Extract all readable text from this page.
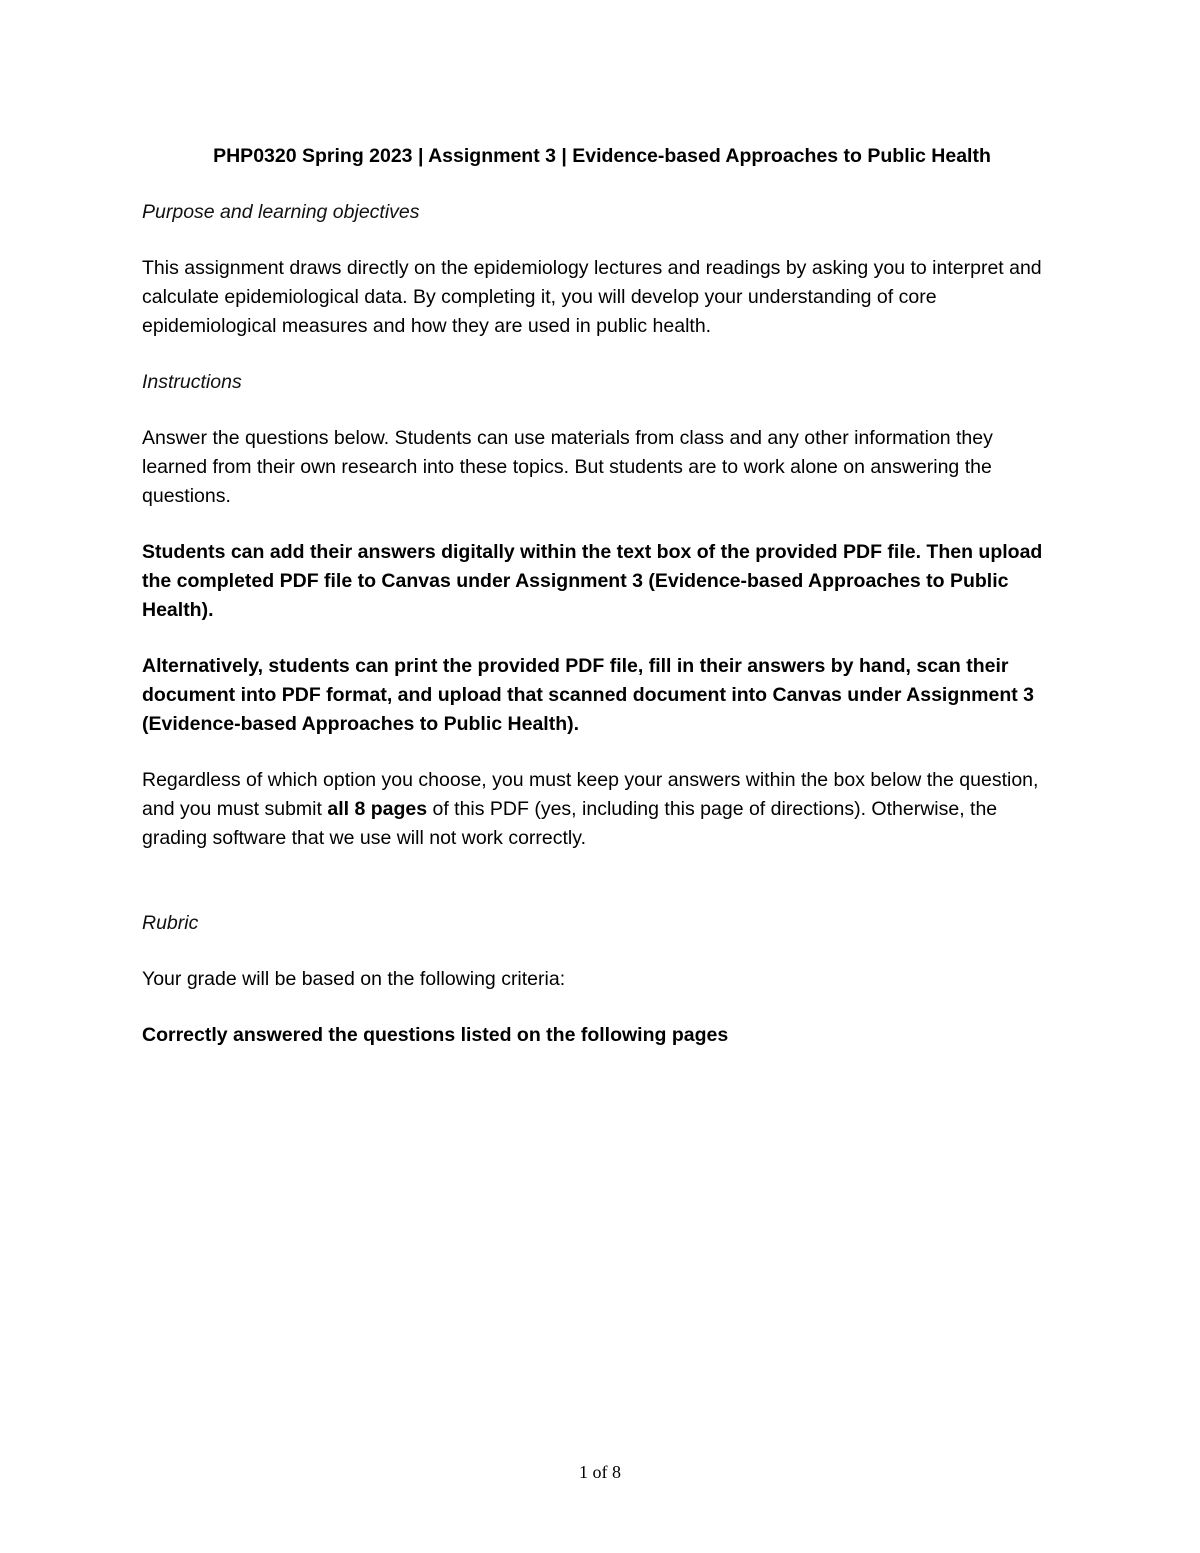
PHP0320 Spring 2023 | Assignment 3 | Evidence-based Approaches to Public Health
Purpose and learning objectives

This assignment draws directly on the epidemiology lectures and readings by asking you to interpret and calculate epidemiological data. By completing it, you will develop your understanding of core epidemiological measures and how they are used in public health.

Instructions

Answer the questions below. Students can use materials from class and any other information they learned from their own research into these topics. But students are to work alone on answering the questions.

Students can add their answers digitally within the text box of the provided PDF file. Then upload the completed PDF file to Canvas under Assignment 3 (Evidence-based Approaches to Public Health).

Alternatively, students can print the provided PDF file, fill in their answers by hand, scan their document into PDF format, and upload that scanned document into Canvas under Assignment 3 (Evidence-based Approaches to Public Health).

Regardless of which option you choose, you must keep your answers within the box below the question, and you must submit all 8 pages of this PDF (yes, including this page of directions). Otherwise, the grading software that we use will not work correctly.

Rubric

Your grade will be based on the following criteria:

Correctly answered the questions listed on the following pages

1 of 8
